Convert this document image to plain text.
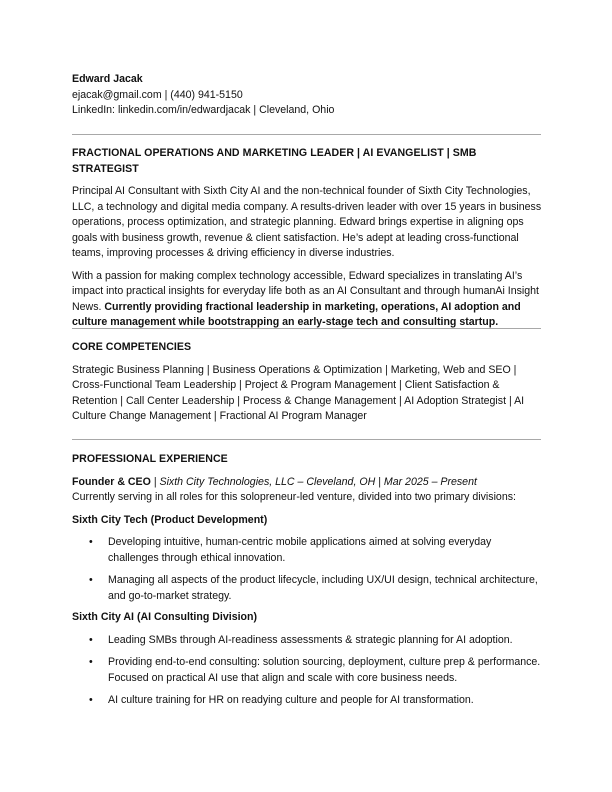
Edward Jacak

ejacak@gmail.com | (440) 941-5150

LinkedIn: linkedin.com/in/edwardjacak | Cleveland, Ohio

FRACTIONAL OPERATIONS AND MARKETING LEADER | AI EVANGELIST | SMB STRATEGIST

Principal AI Consultant with Sixth City AI and the non-technical founder of Sixth City Technologies, LLC, a technology and digital media company. A results-driven leader with over 15 years in business operations, process optimization, and strategic planning. Edward brings expertise in aligning ops goals with business growth, revenue & client satisfaction. He’s adept at leading cross-functional teams, improving processes & driving efficiency in diverse industries.

With a passion for making complex technology accessible, Edward specializes in translating AI’s impact into practical insights for everyday life both as an AI Consultant and through humanAi Insight News. Currently providing fractional leadership in marketing, operations, AI adoption and culture management while bootstrapping an early-stage tech and consulting startup.

CORE COMPETENCIES

Strategic Business Planning | Business Operations & Optimization | Marketing, Web and SEO | Cross-Functional Team Leadership | Project & Program Management | Client Satisfaction & Retention | Call Center Leadership | Process & Change Management | AI Adoption Strategist | AI Culture Change Management | Fractional AI Program Manager

PROFESSIONAL EXPERIENCE

Founder & CEO | Sixth City Technologies, LLC – Cleveland, OH | Mar 2025 – Present

Currently serving in all roles for this solopreneur-led venture, divided into two primary divisions:

Sixth City Tech (Product Development)

• Developing intuitive, human-centric mobile applications aimed at solving everyday challenges through ethical innovation.
• Managing all aspects of the product lifecycle, including UX/UI design, technical architecture, and go-to-market strategy.

Sixth City AI (AI Consulting Division)

• Leading SMBs through AI-readiness assessments & strategic planning for AI adoption.
• Providing end-to-end consulting: solution sourcing, deployment, culture prep & performance. Focused on practical AI use that align and scale with core business needs.
• AI culture training for HR on readying culture and people for AI transformation.
